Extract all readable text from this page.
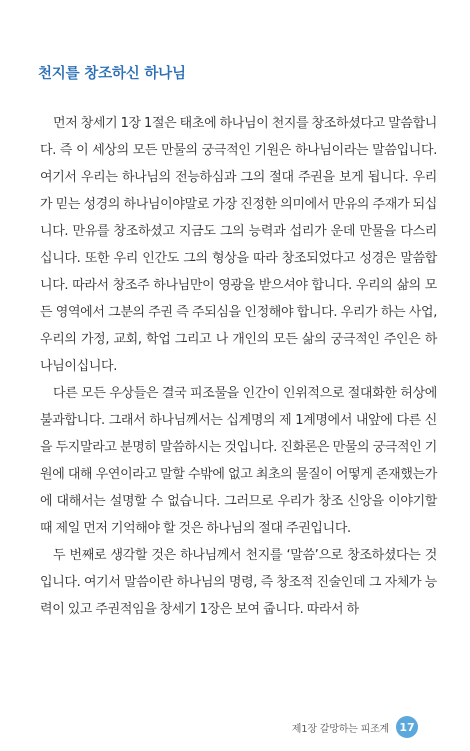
천지를 창조하신 하나님

먼저 창세기 1장 1절은 태초에 하나님이 천지를 창조하셨다고 말씀합니다. 즉 이 세상의 모든 만물의 궁극적인 기원은 하나님이라는 말씀입니다. 여기서 우리는 하나님의 전능하심과 그의 절대 주권을 보게 됩니다. 우리가 믿는 성경의 하나님이야말로 가장 진정한 의미에서 만유의 주재가 되십니다. 만유를 창조하셨고 지금도 그의 능력과 섭리가 운데 만물을 다스리십니다. 또한 우리 인간도 그의 형상을 따라 창조되었다고 성경은 말씀합니다. 따라서 창조주 하나님만이 영광을 받으셔야 합니다. 우리의 삶의 모든 영역에서 그분의 주권 즉 주되심을 인정해야 합니다. 우리가 하는 사업, 우리의 가정, 교회, 학업 그리고 나 개인의 모든 삶의 궁극적인 주인은 하나님이십니다.

다른 모든 우상들은 결국 피조물을 인간이 인위적으로 절대화한 허상에 불과합니다. 그래서 하나님께서는 십계명의 제 1계명에서 내앞에 다른 신을 두지말라고 분명히 말씀하시는 것입니다. 진화론은 만물의 궁극적인 기원에 대해 우연이라고 말할 수밖에 없고 최초의 물질이 어떻게 존재했는가에 대해서는 설명할 수 없습니다. 그러므로 우리가 창조 신앙을 이야기할 때 제일 먼저 기억해야 할 것은 하나님의 절대 주권입니다.

두 번째로 생각할 것은 하나님께서 천지를 ‘말씀’으로 창조하셨다는 것입니다. 여기서 말씀이란 하나님의 명령, 즉 창조적 진술인데 그 자체가 능력이 있고 주권적임을 창세기 1장은 보여 줍니다. 따라서 하

제1장 갈망하는 피조계 17
